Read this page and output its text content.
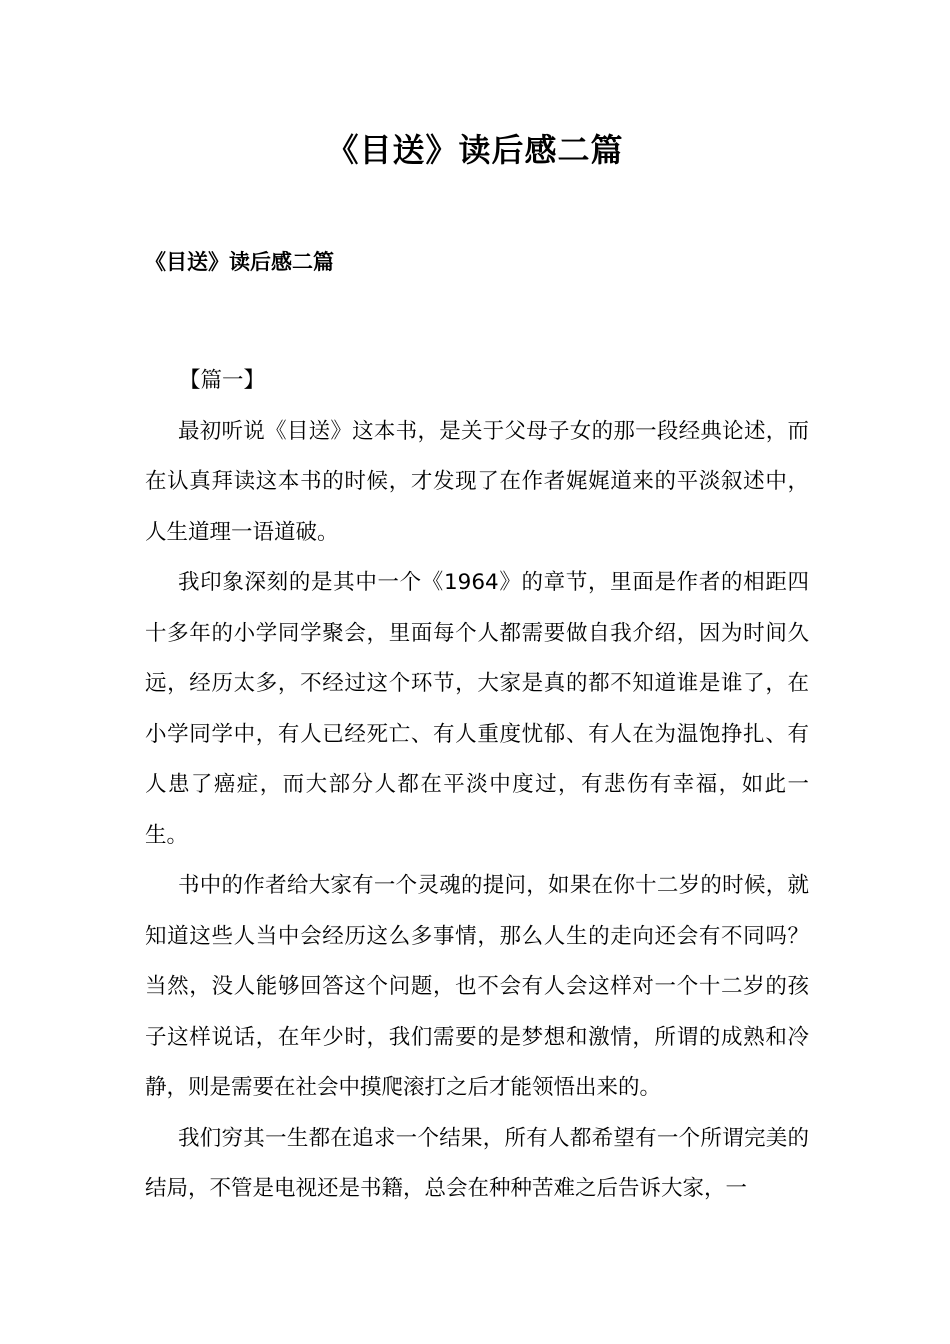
《目送》读后感二篇
《目送》读后感二篇

【篇一】

最初听说《目送》这本书，是关于父母子女的那一段经典论述，而在认真拜读这本书的时候，才发现了在作者娓娓道来的平淡叙述中，人生道理一语道破。

我印象深刻的是其中一个《1964》的章节，里面是作者的相距四十多年的小学同学聚会，里面每个人都需要做自我介绍，因为时间久远，经历太多，不经过这个环节，大家是真的都不知道谁是谁了，在小学同学中，有人已经死亡、有人重度忧郁、有人在为温饱挣扎、有人患了癌症，而大部分人都在平淡中度过，有悲伤有幸福，如此一生。

书中的作者给大家有一个灵魂的提问，如果在你十二岁的时候，就知道这些人当中会经历这么多事情，那么人生的走向还会有不同吗？当然，没人能够回答这个问题，也不会有人会这样对一个十二岁的孩子这样说话，在年少时，我们需要的是梦想和激情，所谓的成熟和冷静，则是需要在社会中摸爬滚打之后才能领悟出来的。

我们穷其一生都在追求一个结果，所有人都希望有一个所谓完美的结局，不管是电视还是书籍，总会在种种苦难之后告诉大家，一
